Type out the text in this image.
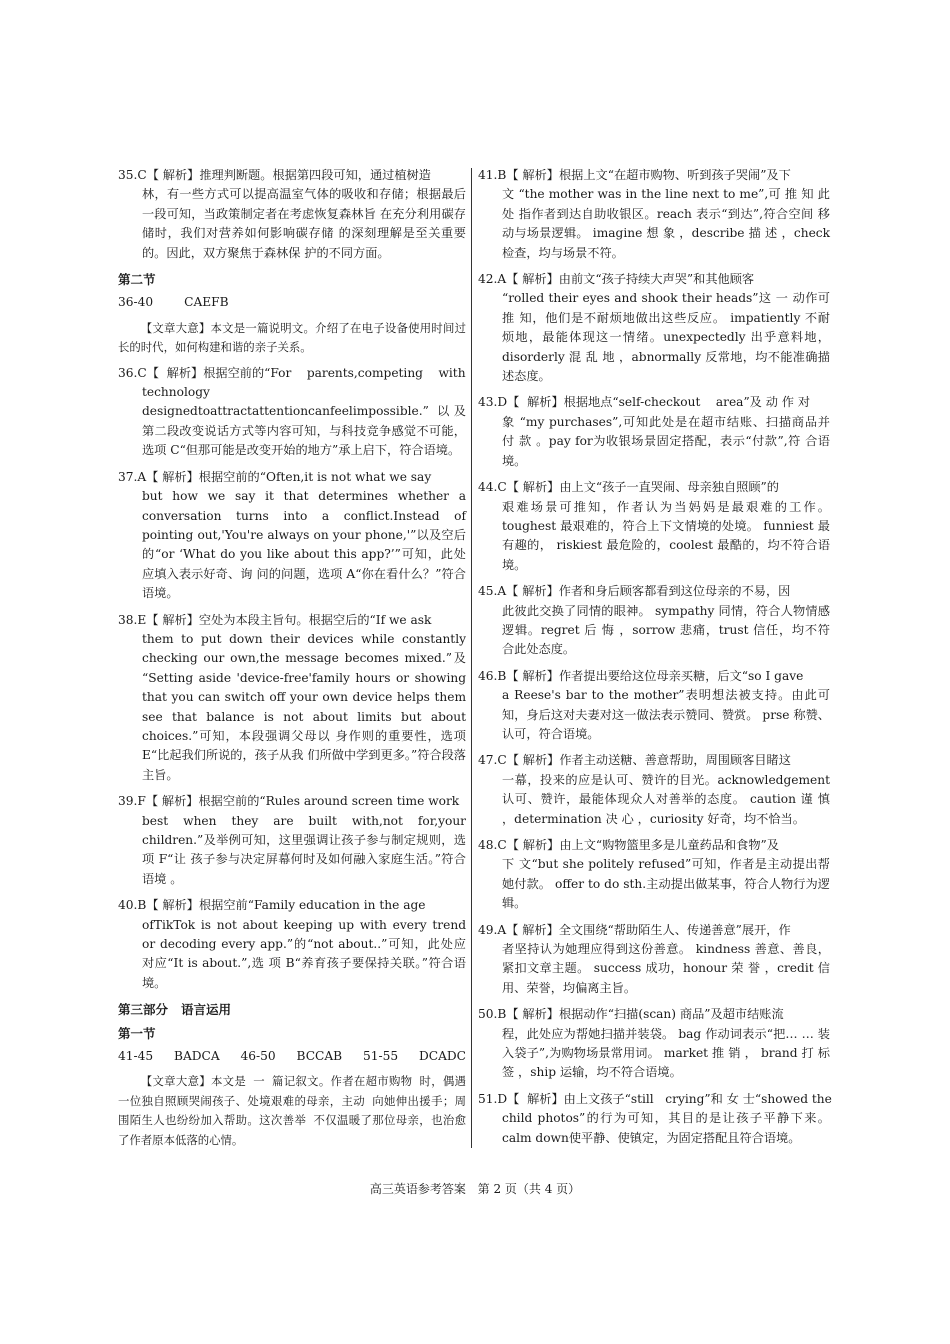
35.C【 解析】推理判断题。根据第四段可知，通过植树造
林，有一些方式可以提高温室气体的吸收和存储；根据最后 一段可知，当政策制定者在考虑恢复森林旨 在充分利用碳存储时，我们对营养如何影响碳存储 的深刻理解是至关重要的。因此，双方聚焦于森林保 护的不同方面。
第二节
36-40        CAEFB
【文章大意】本文是一篇说明文。介绍了在电子设备使用时间过长的时代，如何构建和谐的亲子关系。
36.C【  解析】根据空前的“For    parents,competing    with
technology designedtoattractattentioncanfeelimpossible.” 以及第二段改变说话方式等内容可知，与科技竞争感觉不可能，选项 C“但那可能是改变开始的地方”承上启下，符合语境。
37.A【 解析】根据空前的“Often,it is not what we say
but how we say it that determines whether a conversation turns into a conflict.Instead of pointing out,'You're always on your phone,'”以及空后的“or ‘What do you like about this app?’”可知，此处应填入表示好奇、询 问的问题，选项 A“你在看什么？”符合语境。
38.E【 解析】空处为本段主旨句。根据空后的“If we ask
them to put down their devices while constantly checking our own,the message becomes mixed.”及 “Setting aside 'device-free'family hours or showing that you can switch off your own device helps them see that balance is not about limits but about choices.”可知，本段强调父母以 身作则的重要性，选项 E“比起我们所说的，孩子从我 们所做中学到更多。”符合段落主旨。
39.F【 解析】根据空前的“Rules around screen time work
best when they are built with,not for,your children.”及举例可知，这里强调让孩子参与制定规则，选项 F“让 孩子参与决定屏幕何时及如何融入家庭生活。”符合 语境 。
40.B【 解析】根据空前“Family education in the age
ofTikTok is not about keeping up with every trend or decoding every app.”的“not about..”可知，此处应对应“It is about.”,选 项 B“养育孩子要保持关联。”符合语境。
第三部分   语言运用
第一节
41-45 BADCA 46-50 BCCAB 51-55 DCADC
【文章大意】本文是 一 篇记叙文。作者在超市购物 时，偶遇一位独自照顾哭闹孩子、处境艰难的母亲，主动 向她伸出援手；周围陌生人也纷纷加入帮助。这次善举 不仅温暖了那位母亲，也治愈了作者原本低落的心情。
41.B【 解析】根据上文“在超市购物、听到孩子哭闹”及下
文 “the mother was in the line next to me”,可 推 知 此 处 指作者到达自助收银区。reach 表示“到达”,符合空间 移动与场景逻辑。 imagine 想 象 ，describe 描 述 ，check 检查，均与场景不符。
42.A【 解析】由前文“孩子持续大声哭”和其他顾客
“rolled their eyes and shook their heads”这 一 动作可推 知，他们是不耐烦地做出这些反应。 impatiently 不耐 烦地，最能体现这一情绪。unexpectedly 出乎意料地， disorderly 混 乱 地 ，abnormally 反常地，均不能准确描 述态度。
43.D【  解析】根据地点“self-checkout    area”及 动 作 对
象 “my purchases”,可知此处是在超市结账、扫描商品并 付 款 。pay for为收银场景固定搭配，表示“付款”,符 合语境。
44.C【 解析】由上文“孩子一直哭闹、母亲独自照顾”的
艰难场景可推知，作者认为当妈妈是最艰难的工作。 toughest 最艰难的，符合上下文情境的处境。 funniest 最有趣的， riskiest 最危险的，coolest 最酷的，均不符合语境。
45.A【 解析】作者和身后顾客都看到这位母亲的不易，因
此彼此交换了同情的眼神。 sympathy 同情，符合人物情感逻辑。regret 后 悔 ，sorrow 悲痛，trust 信任，均不符 合此处态度。
46.B【 解析】作者提出要给这位母亲买糖，后文“so I gave
a Reese's bar to the mother”表明想法被支持。由此可知，身后这对夫妻对这一做法表示赞同、赞赏。 prse 称赞、认可，符合语境。
47.C【 解析】作者主动送糖、善意帮助，周围顾客目睹这
一幕，投来的应是认可、赞许的目光。acknowledgement 认可、赞许，最能体现众人对善举的态度。 caution 谨 慎 ，determination 决 心 ，curiosity 好奇，均不恰当。
48.C【 解析】由上文“购物篮里多是儿童药品和食物”及
下 文“but she politely refused”可知，作者是主动提出帮她付款。 offer to do sth.主动提出做某事，符合人物行为逻辑。
49.A【 解析】全文围绕“帮助陌生人、传递善意”展开，作
者坚持认为她理应得到这份善意。 kindness 善意、善良，紧扣文章主题。 success 成功，honour 荣 誉 ，credit 信用、荣誉，均偏离主旨。
50.B【 解析】根据动作“扫描(scan) 商品”及超市结账流
程，此处应为帮她扫描并装袋。 bag 作动词表示“把… … 装入袋子”,为购物场景常用词。 market 推 销 ， brand 打 标 签 ，ship 运输，均不符合语境。
51.D【  解析】由上文孩子“still   crying”和 女 士“showed the
child photos”的行为可知，其目的是让孩子平静下来。 calm down使平静、使镇定，为固定搭配且符合语境。
高三英语参考答案 第 2 页（共 4 页）
